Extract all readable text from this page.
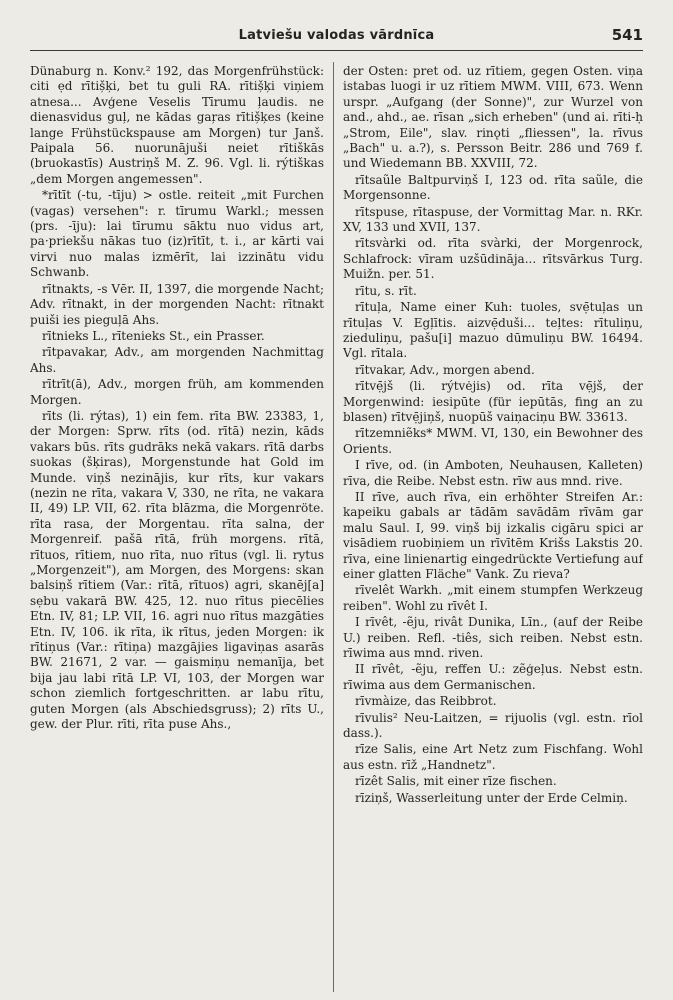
Latviešu valodas vārdnīca	541

Dünaburg n. Konv.² 192, das Morgenfrühstück: citi ẹd rītiș̌ķi, bet tu guli RA. rītiș̌ķi viņiem atnesa... Avģene Veselis Tīrumu ļaudis. ne dienasvidus guļ, ne kādas gaŗas rītiș̌ķes (keine lange Frühstückspause am Morgen) tur Janš. Paipala 56. nuorunājuši neiet rītiškās (bruokastīs) Austriņš M. Z. 96. Vgl. li. rýtiškas „dem Morgen angemessen".

*rītīt (-tu, -tīju) > ostle. reiteit „mit Furchen (vagas) versehen": r. tīrumu Warkl.; messen (prs. -īju): lai tīrumu sāktu nuo vidus art, pa·priekšu nākas tuo (iz)rītīt, t. i., ar kārti vai virvi nuo malas izmērīt, lai izzinātu vidu Schwanb.

rītnakts, -s Vēr. II, 1397, die morgende Nacht; Adv. rītnakt, in der morgenden Nacht: rītnakt puiši ies pieguļā Ahs.

rītnieks L., rītenieks St., ein Prasser.

rītpavakar, Adv., am morgenden Nachmittag Ahs.

rītrīt(ā), Adv., morgen früh, am kommenden Morgen.

rīts (li. rýtas), 1) ein fem. rīta BW. 23383, 1, der Morgen: Sprw. rīts (od. rītā) nezin, kāds vakars būs. rīts gudrāks nekā vakars. rītā darbs suokas (šķiras), Morgenstunde hat Gold im Munde. viņš nezinājis, kur rīts, kur vakars (nezin ne rīta, vakara V, 330, ne rīta, ne vakara II, 49) LP. VII, 62. rīta blāzma, die Morgenröte. rīta rasa, der Morgentau. rīta salna, der Morgenreif. pašā rītā, früh morgens. rītā, rītuos, rītiem, nuo rīta, nuo rītus (vgl. li. rytus „Morgenzeit"), am Morgen, des Morgens: skan balsiņš rītiem (Var.: rītā, rītuos) agri, skanēj[a] sẹbu vakarā BW. 425, 12. nuo rītus piecēlies Etn. IV, 81; LP. VII, 16. agri nuo rītus mazgāties Etn. IV, 106. ik rīta, ik rītus, jeden Morgen: ik rītiņus (Var.: rītiņa) mazgājies ligaviņas asarās BW. 21671, 2 var. — gaismiņu nemanīja, bet bija jau labi rītā LP. VI, 103, der Morgen war schon ziemlich fortgeschritten. ar labu rītu, guten Morgen (als Abschiedsgruss); 2) rīts U., gew. der Plur. rīti, rīta puse Ahs.,

der Osten: pret od. uz rītiem, gegen Osten. viņa istabas luogi ir uz rītiem MWM. VIII, 673. Wenn urspr. „Aufgang (der Sonne)", zur Wurzel von and., ahd., ae. rīsan „sich erheben" (und ai. rīti-ḥ „Strom, Eile", slav. rinǫti „fliessen", la. rīvus „Bach" u. a.?), s. Persson Beitr. 286 und 769 f. und Wiedemann BB. XXVIII, 72.

rītsaũle Baltpurviņš I, 123 od. rīta saũle, die Morgensonne.

rītspuse, rītaspuse, der Vormittag Mar. n. RKr. XV, 133 und XVII, 137.

rītsvàrki od. rīta svàrki, der Morgenrock, Schlafrock: vīram uzšūdināja... rītsvārkus Turg. Muižn. per. 51.

rītu, s. rīt.

rītuļa, Name einer Kuh: tuoles, svẹ̄tuļas un rītuļas V. Egļītis. aizvẹ̄duši... teļtes: rītuliņu, zieduliņu, pašu[i] mazuo dūmuliņu BW. 16494. Vgl. rītala.

rītvakar, Adv., morgen abend.

rītvẹ̄jš (li. rýtvėjis) od. rīta vẹ̄jš, der Morgenwind: iesipūte (für iepūtās, fing an zu blasen) rītvẹ̄jiņš, nuopūš vaiņaciņu BW. 33613.

rītzemniẽks* MWM. VI, 130, ein Bewohner des Orients.

I rīve, od. (in Amboten, Neuhausen, Kalleten) rīva, die Reibe. Nebst estn. rīw aus mnd. rive.

II rīve, auch rīva, ein erhöhter Streifen Ar.: kapeiku gabals ar tādām savādām rīvām gar malu Saul. I, 99. viņš bij izkalis cigāru spici ar visādiem ruobiņiem un rīvītēm Krišs Lakstis 20. rīva, eine linienartig eingedrückte Vertiefung auf einer glatten Fläche" Vank. Zu rieva?

rīvelêt Warkh. „mit einem stumpfen Werkzeug reiben". Wohl zu rīvêt I.

I rīvêt, -ẽju, rivât Dunika, Līn., (auf der Reibe U.) reiben. Refl. -tiês, sich reiben. Nebst estn. rīwima aus mnd. riven.

II rīvêt, -ẽju, reffen U.: zẽģeļus. Nebst estn. rīwima aus dem Germanischen.

rīvmàize, das Reibbrot.

rīvulis² Neu-Laitzen, = rijuolis (vgl. estn. rīol dass.).

rīze Salis, eine Art Netz zum Fischfang. Wohl aus estn. rīž „Handnetz".

rīzêt Salis, mit einer rīze fischen.

rīziņš, Wasserleitung unter der Erde Celmiņ.
